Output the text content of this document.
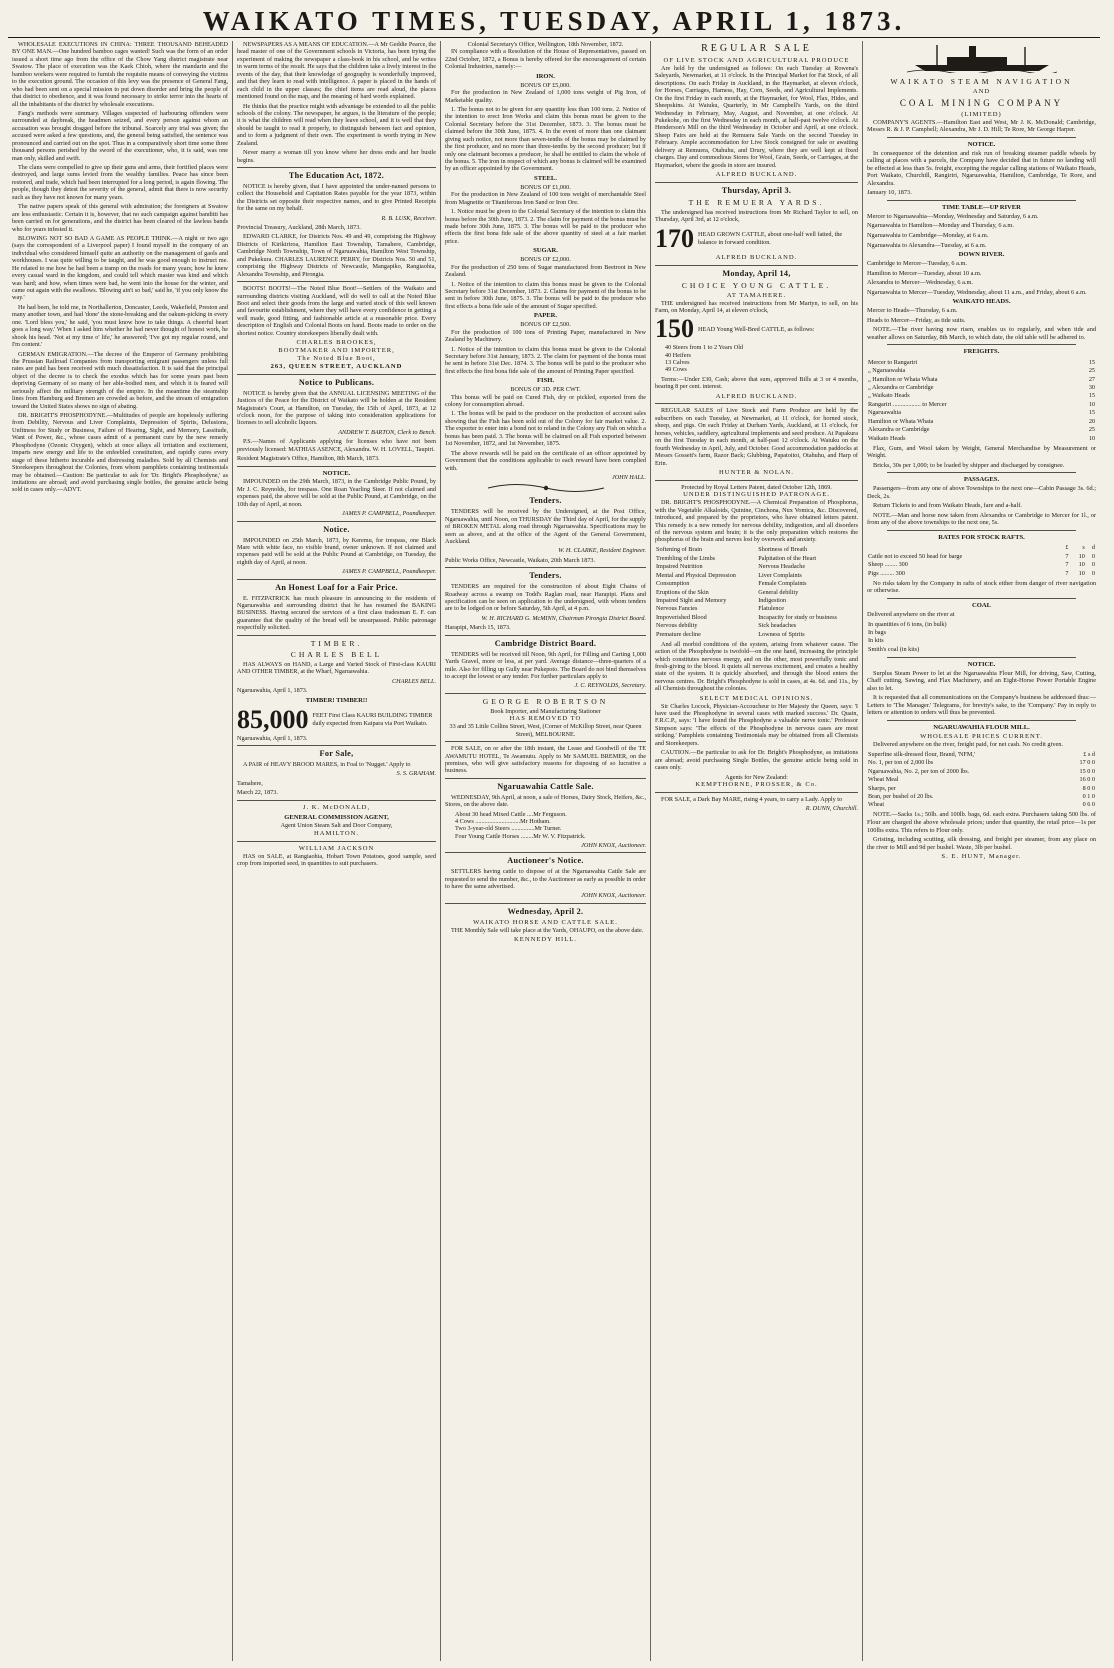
WAIKATO TIMES, TUESDAY, APRIL 1, 1873.

WHOLESALE EXECUTIONS IN CHINA: THREE THOUSAND BEHEADED BY ONE MAN.—One hundred bamboo cages wanted! Such was the form of an order issued a short time ago from the office of the Chow Yang district magistrate near Swatow. The place of execution was the Kaek Chioh, where the mandarin and the bamboo workers were required to furnish the requisite means of conveying the victims to the execution ground. The occasion of this levy was the presence of General Fang, who had been sent on a special mission to put down disorder and bring the people of that district to obedience, and it was found necessary to strike terror into the hearts of all the inhabitants of the district by wholesale executions.

Fang's methods were summary. Villages suspected of harbouring offenders were surrounded at daybreak, the headmen seized, and every person against whom an accusation was brought dragged before the tribunal. Scarcely any trial was given; the accused were asked a few questions, and, the general being satisfied, the sentence was pronounced and carried out on the spot. Thus in a comparatively short time some three thousand persons perished by the sword of the executioner, who, it is said, was one man only, skilled and swift.

The clans were compelled to give up their guns and arms, their fortified places were destroyed, and large sums levied from the wealthy families. Peace has since been restored, and trade, which had been interrupted for a long period, is again flowing. The people, though they detest the severity of the general, admit that there is now security such as they have not known for many years.

The native papers speak of this general with admiration; the foreigners at Swatow are less enthusiastic. Certain it is, however, that no such campaign against banditti has been carried on for generations, and the district has been cleared of the lawless bands who for years infested it.

BLOWING NOT SO BAD A GAME AS PEOPLE THINK.—A night or two ago (says the correspondent of a Liverpool paper) I found myself in the company of an individual who considered himself quite an authority on the management of gaols and workhouses. I was quite willing to be taught, and he was good enough to instruct me. He related to me how he had been a tramp on the roads for many years; how he knew every casual ward in the kingdom, and could tell which master was kind and which was hard; and how, when times were bad, he went into the house for the winter, and came out again with the swallows. 'Blowing ain't so bad,' said he, 'if you only know the way.'

He had been, he told me, in Northallerton, Doncaster, Leeds, Wakefield, Preston and many another town, and had 'done' the stone-breaking and the oakum-picking in every one. 'Lord bless you,' he said, 'you must know how to take things. A cheerful heart goes a long way.' When I asked him whether he had never thought of honest work, he shook his head. 'Not at my time o' life,' he answered; 'I've got my regular round, and I'm content.'

GERMAN EMIGRATION.—The decree of the Emperor of Germany prohibiting the Prussian Railroad Companies from transporting emigrant passengers unless full rates are paid has been received with much dissatisfaction. It is said that the principal object of the decree is to check the exodus which has for some years past been depriving Germany of so many of her able-bodied men, and which it is feared will seriously affect the military strength of the empire. In the meantime the steamship lines from Hamburg and Bremen are crowded as before, and the stream of emigration toward the United States shows no sign of abating.

DR. BRIGHT'S PHOSPHODYNE.—Multitudes of people are hopelessly suffering from Debility, Nervous and Liver Complaints, Depression of Spirits, Delusions, Unfitness for Study or Business, Failure of Hearing, Sight, and Memory, Lassitude, Want of Power, &c., whose cases admit of a permanent cure by the new remedy Phosphodyne (Ozonic Oxygen), which at once allays all irritation and excitement, imparts new energy and life to the enfeebled constitution, and rapidly cures every stage of these hitherto incurable and distressing maladies. Sold by all Chemists and Storekeepers throughout the Colonies, from whom pamphlets containing testimonials may be obtained.—Caution: Be particular to ask for 'Dr. Bright's Phosphodyne,' as imitations are abroad; and avoid purchasing single bottles, the genuine article being sold in cases only.—ADVT.

NEWSPAPERS AS A MEANS OF EDUCATION.—A Mr Geddie Pearce, the head master of one of the Government schools in Victoria, has been trying the experiment of making the newspaper a class-book in his school, and he writes in warm terms of the result. He says that the children take a lively interest in the events of the day, that their knowledge of geography is wonderfully improved, and that they learn to read with intelligence. A paper is placed in the hands of each child in the upper classes; the chief items are read aloud, the places mentioned found on the map, and the meaning of hard words explained.

He thinks that the practice might with advantage be extended to all the public schools of the colony. The newspaper, he argues, is the literature of the people; it is what the children will read when they leave school, and it is well that they should be taught to read it properly, to distinguish between fact and opinion, and to form a judgment of their own. The experiment is worth trying in New Zealand.

Never marry a woman till you know where her dress ends and her bustle begins.

The Education Act, 1872.

NOTICE is hereby given, that I have appointed the under-named persons to collect the Household and Capitation Rates payable for the year 1873, within the Districts set opposite their respective names, and to give Printed Receipts for the same on my behalf.

R. B. LUSK, Receiver.

Provincial Treasury, Auckland, 28th March, 1873.

EDWARD CLARKE, for Districts Nos. 49 and 49, comprising the Highway Districts of Kirikiriroa, Hamilton East Township, Tamahere, Cambridge, Cambridge North Township, Town of Ngaruawahia, Hamilton West Township, and Pukekura. CHARLES LAURENCE PERRY, for Districts Nos. 50 and 51, comprising the Highway Districts of Newcastle, Mangapiko, Rangiaohia, Alexandra Township, and Pirongia.

BOOTS! BOOTS!—The Noted Blue Boot!—Settlers of the Waikato and surrounding districts visiting Auckland, will do well to call at the Noted Blue Boot and select their goods from the large and varied stock of this well known and favourite establishment, where they will have every confidence in getting a well made, good fitting, and fashionable article at a reasonable price. Every description of English and Colonial Boots on hand. Boots made to order on the shortest notice. Country storekeepers liberally dealt with.

CHARLES BROOKES,
BOOTMAKER AND IMPORTER,
The Noted Blue Boot,
263, QUEEN STREET, AUCKLAND
Notice to Publicans.

NOTICE is hereby given that the ANNUAL LICENSING MEETING of the Justices of the Peace for the District of Waikato will be holden at the Resident Magistrate's Court, at Hamilton, on Tuesday, the 15th of April, 1873, at 12 o'clock noon, for the purpose of taking into consideration applications for licenses to sell alcoholic liquors.

ANDREW T. BARTON, Clerk to Bench.

P.S.—Names of Applicants applying for licenses who have not been previously licensed: MATHIAS ASENCE, Alexandra. W. H. LOVELL, Taupiri.

Resident Magistrate's Office, Hamilton, 8th March, 1873.

NOTICE.

IMPOUNDED on the 29th March, 1873, in the Cambridge Public Pound, by Mr J. C. Reynolds, for trespass. One Roan Yearling Steer. If not claimed and expenses paid, the above will be sold at the Public Pound, at Cambridge, on the 10th day of April, at noon.

JAMES P. CAMPBELL, Poundkeeper.
Notice.

IMPOUNDED on 25th March, 1873, by Keremu, for trespass, one Black Mare with white face, no visible brand, owner unknown. If not claimed and expenses paid will be sold at the Public Pound at Cambridge, on Tuesday, the eighth day of April, at noon.

JAMES P. CAMPBELL, Poundkeeper.
An Honest Loaf for a Fair Price.

E. FITZPATRICK has much pleasure in announcing to the residents of Ngaruawahia and surrounding district that he has resumed the BAKING BUSINESS. Having secured the services of a first class tradesman E. F. can guarantee that the quality of the bread will be unsurpassed. Public patronage respectfully solicited.

TIMBER.
CHARLES BELL

HAS ALWAYS on HAND, a Large and Varied Stock of First-class KAURI AND OTHER TIMBER, at the Wharf, Ngaruawahia.

CHARLES BELL.

Ngaruawahia, April 1, 1873.

TIMBER! TIMBER!!
85,000 FEET First Class KAURI BUILDING TIMBER daily expected from Kaipara via Port Waikato.

Ngaruawahia, April 1, 1873.

For Sale,

A PAIR of HEAVY BROOD MARES, in Foal to 'Nugget.' Apply to

S. S. GRAHAM.

Tamahere,

March 22, 1873.

J. K. McDONALD,
GENERAL COMMISSION AGENT,
Agent Union Steam Salt and Door Company,
HAMILTON.
WILLIAM JACKSON

HAS on SALE, at Rangiaohia, Hobart Town Potatoes, good sample, seed crop from imported seed, in quantities to suit purchasers.

Colonial Secretary's Office, Wellington, 18th November, 1872.

IN compliance with a Resolution of the House of Representatives, passed on 22nd October, 1872, a Bonus is hereby offered for the encouragement of certain Colonial Industries, namely:—

IRON.
BONUS OF £5,000.

For the production in New Zealand of 1,000 tons weight of Pig Iron, of Marketable quality.

1. The bonus not to be given for any quantity less than 100 tons. 2. Notice of the intention to erect Iron Works and claim this bonus must be given to the Colonial Secretary before the 31st December, 1873. 3. The bonus must be claimed before the 30th June, 1875. 4. In the event of more than one claimant giving such notice, not more than seven-tenths of the bonus may be claimed by the first producer, and no more than three-tenths by the second producer; but if only one claimant becomes a producer, he shall be entitled to claim the whole of the bonus. 5. The iron in respect of which any bonus is claimed will be examined by an officer appointed by the Government.

STEEL.
BONUS OF £1,000.

For the production in New Zealand of 100 tons weight of merchantable Steel from Magnetite or Titaniferous Iron Sand or Iron Ore.

1. Notice must be given to the Colonial Secretary of the intention to claim this bonus before the 30th June, 1873. 2. The claim for payment of the bonus must be made before 30th June, 1875. 3. The bonus will be paid to the producer who effects the first bona fide sale of the above quantity of steel at a fair market price.

SUGAR.
BONUS OF £2,000.

For the production of 250 tons of Sugar manufactured from Beetroot in New Zealand.

1. Notice of the intention to claim this bonus must be given to the Colonial Secretary before 31st December, 1873. 2. Claims for payment of the bonus to be sent in before 30th June, 1875. 3. The bonus will be paid to the producer who first effects a bona fide sale of the amount of Sugar specified.

PAPER.
BONUS OF £2,500.

For the production of 100 tons of Printing Paper, manufactured in New Zealand by Machinery.

1. Notice of the intention to claim this bonus must be given to the Colonial Secretary before 31st January, 1873. 2. The claim for payment of the bonus must be sent in before 31st Dec. 1874. 3. The bonus will be paid to the producer who first effects the first bona fide sale of the amount of Printing Paper specified.

FISH.
BONUS OF 3D. PER CWT.

This bonus will be paid on Cured Fish, dry or pickled, exported from the colony for consumption abroad.

1. The bonus will be paid to the producer on the production of account sales showing that the Fish has been sold out of the Colony for fair market value. 2. The exporter to enter into a bond not to reland in the Colony any Fish on which a bonus has been paid. 3. The bonus will be claimed on all Fish exported between 1st November, 1872, and 1st November, 1875.

The above rewards will be paid on the certificate of an officer appointed by Government that the conditions applicable to each reward have been complied with.

JOHN HALL.
Tenders.

TENDERS will be received by the Undersigned, at the Post Office, Ngaruawahia, until Noon, on THURSDAY the Third day of April, for the supply of BROKEN METAL along road through Ngaruawahia. Specifications may be seen as above, and at the office of the Agent of the General Government, Auckland.

W. H. CLARKE, Resident Engineer.

Public Works Office, Newcastle, Waikato, 20th March 1873.

Tenders.

TENDERS are required for the construction of about Eight Chains of Roadway across a swamp on Todd's Raglan road, near Harapipi. Plans and specification can be seen on application to the undersigned, with whom tenders are to be lodged on or before Saturday, 5th April, at 4 p.m.

W. H. RICHARD G. McMINN, Chairman Pirongia District Board.

Harapipi, March 15, 1873.

Cambridge District Board.

TENDERS will be received till Noon, 9th April, for Filling and Carting 1,000 Yards Gravel, more or less, at per yard. Average distance—three-quarters of a mile. Also for filling up Gully near Pukepoto. The Board do not bind themselves to accept the lowest or any tender. For further particulars apply to

J. C. REYNOLDS, Secretary.
GEORGE ROBERTSON
Book Importer, and Manufacturing Stationer
HAS REMOVED TO
33 and 35 Little Collins Street, West, (Corner of McKillop Street, near Queen Street), MELBOURNE.

FOR SALE, on or after the 18th instant, the Lease and Goodwill of the TE AWAMUTU HOTEL, Te Awamutu. Apply to Mr SAMUEL BREMER, on the premises, who will give satisfactory reasons for disposing of so lucrative a business.

Ngaruawahia Cattle Sale.

WEDNESDAY, 9th April, at noon, a sale of Horses, Dairy Stock, Heifers, &c., Stores, on the above date.

About 30 head Mixed Cattle ....Mr Ferguson.
4 Cows .............................Mr Hotham.
Two 3-year-old Steers ...............Mr Turner.
Four Young Cattle Horses ........Mr W. V. Fitzpatrick.
JOHN KNOX, Auctioneer.
Auctioneer's Notice.

SETTLERS having cattle to dispose of at the Ngaruawahia Cattle Sale are requested to send the number, &c., to the Auctioneer as early as possible in order to have the same advertised.

JOHN KNOX, Auctioneer.
Wednesday, April 2.
WAIKATO HORSE AND CATTLE SALE.

THE Monthly Sale will take place at the Yards, OHAUPO, on the above date.

KENNEDY HILL.
REGULAR SALE
OF LIVE STOCK AND AGRICULTURAL PRODUCE

Are held by the undersigned as follows: On each Tuesday at Rowena's Saleyards, Newmarket, at 11 o'clock. In the Principal Market for Fat Stock, of all descriptions. On each Friday in Auckland, in the Haymarket, at eleven o'clock, for Horses, Carriages, Harness, Hay, Corn, Seeds, and Agricultural Implements. On the first Friday in each month, at the Haymarket, for Wool, Flax, Hides, and Sheepskins. At Waiuku, Quarterly, in Mr Campbell's Yards, on the third Wednesday in February, May, August, and November, at one o'clock. At Pukekohe, on the first Wednesday in each month, at half-past twelve o'clock. At Henderson's Mill on the third Wednesday in October and April, at one o'clock. Sheep Fairs are held at the Remuera Sale Yards on the second Tuesday in February. Ample accommodation for Live Stock consigned for sale or awaiting delivery at Remuera, Otahuhu, and Drury, where they are well kept at fixed charges. Day and commodious Stores for Wool, Grain, Seeds, or Carriages, at the Haymarket, where the goods in store are insured.

ALFRED BUCKLAND.
Thursday, April 3.
THE REMUERA YARDS.

The undersigned has received instructions from Mr Richard Taylor to sell, on Thursday, April 3rd, at 12 o'clock,

170 HEAD GROWN CATTLE, about one-half well fatted, the balance in forward condition.
ALFRED BUCKLAND.
Monday, April 14,
CHOICE YOUNG CATTLE.
AT TAMAHERE.

THE undersigned has received instructions from Mr Martyn, to sell, on his Farm, on Monday, April 14, at eleven o'clock,

150 HEAD Young Well-Bred CATTLE, as follows:
40 Steers from 1 to 2 Years Old
40 Heifers
13 Calves
49 Cows

Terms:—Under £30, Cash; above that sum, approved Bills at 3 or 4 months, bearing 8 per cent. interest.

ALFRED BUCKLAND.

REGULAR SALES of Live Stock and Farm Produce are held by the subscribers on each Tuesday, at Newmarket, at 11 o'clock, for horned stock, sheep, and pigs. On each Friday at Durham Yards, Auckland, at 11 o'clock, for horses, vehicles, saddlery, agricultural implements and seed produce. At Papakura on the first Tuesday in each month, at half-past 12 o'clock. At Waiuku on the fourth Wednesday in April, July, and October. Good accommodation paddocks at Messrs Gossett's farm, Razor Back; Glubbing, Papatoitoi, Otahuhu, and Harp of Erin.

HUNTER & NOLAN.
Protected by Royal Letters Patent, dated October 12th, 1869.
UNDER DISTINGUISHED PATRONAGE.

DR. BRIGHT'S PHOSPHODYNE.—A Chemical Preparation of Phosphorus, with the Vegetable Alkaloids, Quinine, Cinchona, Nux Vomica, &c. Discovered, introduced, and prepared by the proprietors, who have obtained letters patent. This remedy is a new remedy for nervous debility, indigestion, and all disorders of the nervous system and brain; it is the only preparation which restores the phosphorus of the brain and nerves lost by overwork and anxiety.

Softening of Brain	Shortness of Breath
Trembling of the Limbs	Palpitation of the Heart
Impaired Nutrition	Nervous Headache
Mental and Physical Depression	Liver Complaints
Consumption	Female Complaints
Eruptions of the Skin	General debility
Impaired Sight and Memory	Indigestion
Nervous Fancies	Flatulence
Impoverished Blood	Incapacity for study or business
Nervous debility	Sick headaches
Premature decline	Lowness of Spirits

And all morbid conditions of the system, arising from whatever cause. The action of the Phosphodyne is twofold—on the one hand, increasing the principle which constitutes nervous energy, and on the other, most powerfully tonic and fresh-giving to the blood. It quiets all nervous excitement, and creates a healthy state of the system. It is quickly absorbed, and through the blood enters the nervous centres. Dr. Bright's Phosphodyne is sold in cases, at 4s. 6d. and 11s., by all Chemists throughout the colonies.

SELECT MEDICAL OPINIONS.

Sir Charles Locock, Physician-Accoucheur to Her Majesty the Queen, says: 'I have used the Phosphodyne in several cases with marked success.' Dr. Quain, F.R.C.P., says: 'I have found the Phosphodyne a valuable nerve tonic.' Professor Simpson says: 'The effects of the Phosphodyne in nervous cases are most striking.' Pamphlets containing Testimonials may be obtained from all Chemists and Storekeepers.

CAUTION.—Be particular to ask for Dr. Bright's Phosphodyne, as imitations are abroad; avoid purchasing Single Bottles, the genuine article being sold in cases only.

Agents for New Zealand:
KEMPTHORNE, PROSSER, & Co.

FOR SALE, a Dark Bay MARE, rising 4 years, to carry a Lady. Apply to

R. DUNN, Churchill.
WAIKATO STEAM NAVIGATION
AND
COAL MINING COMPANY
(LIMITED)

COMPANY'S AGENTS.—Hamilton East and West, Mr J. K. McDonald; Cambridge, Messrs R. & J. P. Campbell; Alexandra, Mr J. D. Hill; Te Rore, Mr George Harper.

NOTICE.

In consequence of the detention and risk run of breaking steamer paddle wheels by calling at places with a parcels, the Company have decided that in future no landing will be effected at less than 5s. freight, excepting the regular calling stations of Waikato Heads, Port Waikato, Churchill, Rangiriri, Ngaruawahia, Hamilton, Cambridge, Te Rore, and Alexandra.

January 10, 1873.

TIME TABLE—UP RIVER

Mercer to Ngaruawahia—Monday, Wednesday and Saturday, 6 a.m.

Ngaruawahia to Hamilton—Monday and Thursday, 6 a.m.

Ngaruawahia to Cambridge—Monday, at 6 a.m.

Ngaruawahia to Alexandra—Tuesday, at 6 a.m.

DOWN RIVER.

Cambridge to Mercer—Tuesday, 6 a.m.

Hamilton to Mercer—Tuesday, about 10 a.m.

Alexandra to Mercer—Wednesday, 6 a.m.

Ngaruawahia to Mercer—Tuesday, Wednesday, about 11 a.m., and Friday, about 6 a.m.

WAIKATO HEADS.

Mercer to Heads—Thursday, 6 a.m.

Heads to Mercer—Friday, as tide suits.

NOTE.—The river having now risen, enables us to regularly, and when tide and weather allows on Saturday, 8th March, to which date, the old table will be adhered to.

FREIGHTS.
Mercer to Rangariri	15
„ Ngaruawahia	25
„ Hamilton or Whata Whata	27
„ Alexandra or Cambridge	30
„ Waikato Heads	15
Rangariri .................. to Mercer	10
Ngaruawahia	15
Hamilton or Whata Whata	20
Alexandra or Cambridge	25
Waikato Heads	10

Flax, Gum, and Wool taken by Weight, General Merchandise by Measurement or Weight.

Bricks, 30s per 1,000; to be loaded by shipper and discharged by consignee.

PASSAGES.

Passengers—from any one of above Townships to the next one—Cabin Passage 3s. 6d.; Deck, 2s.

Return Tickets to and from Waikato Heads, fare and a-half.

NOTE.—Man and horse now taken from Alexandra or Cambridge to Mercer for 1l., or from any of the above townships to the next one, 5s.

RATES FOR STOCK RAFTS.
	£	s	d
Cattle not to exceed 50 head for barge	7	10	0
Sheep ........ 300	7	10	0
Pigs ......... 300	7	10	0

No risks taken by the Company in rafts of stock either from danger of river navigation or otherwise.

COAL

Delivered anywhere on the river at

In quantities of 6 tons, (in bulk)	
In bags	
In kits	
Smith's coal (in kits)	
NOTICE.

Surplus Steam Power to let at the Ngaruawahia Flour Mill, for driving, Saw, Cutting, Chaff cutting, Sawing, and Flax Machinery, and an Eight-Horse Power Portable Engine also to let.

It is requested that all communications on the Company's business be addressed thus:—Letters to 'The Manager.' Telegrams, for brevity's sake, to the 'Company.' Pay in reply to letters or attention to orders will thus be prevented.

NGARUAWAHIA FLOUR MILL.
WHOLESALE PRICES CURRENT.

Delivered anywhere on the river, freight paid, for net cash. No credit given.

Superfine silk-dressed flour, Brand, 'NFM,'	£ s d
No. 1, per ton of 2,000 lbs	17 0 0
Ngaruawahia, No. 2, per ton of 2000 lbs.	15 0 0
Wheat Meal	16 0 0
Sharps, per	8 0 0
Bran, per bushel of 20 lbs.	0 1 0
Wheat	0 6 0

NOTE.—Sacks 1s.; 50lb. and 100lb. bags, 6d. each extra. Purchasers taking 500 lbs. of Flour are charged the above wholesale prices; under that quantity, the retail price—1s per 100lbs extra. This refers to Flour only.

Gristing, including scutting, silk dressing, and freight per steamer, from any place on the river to Mill and 9d per bushel. Waste, 3lb per bushel.

S. E. HUNT, Manager.
